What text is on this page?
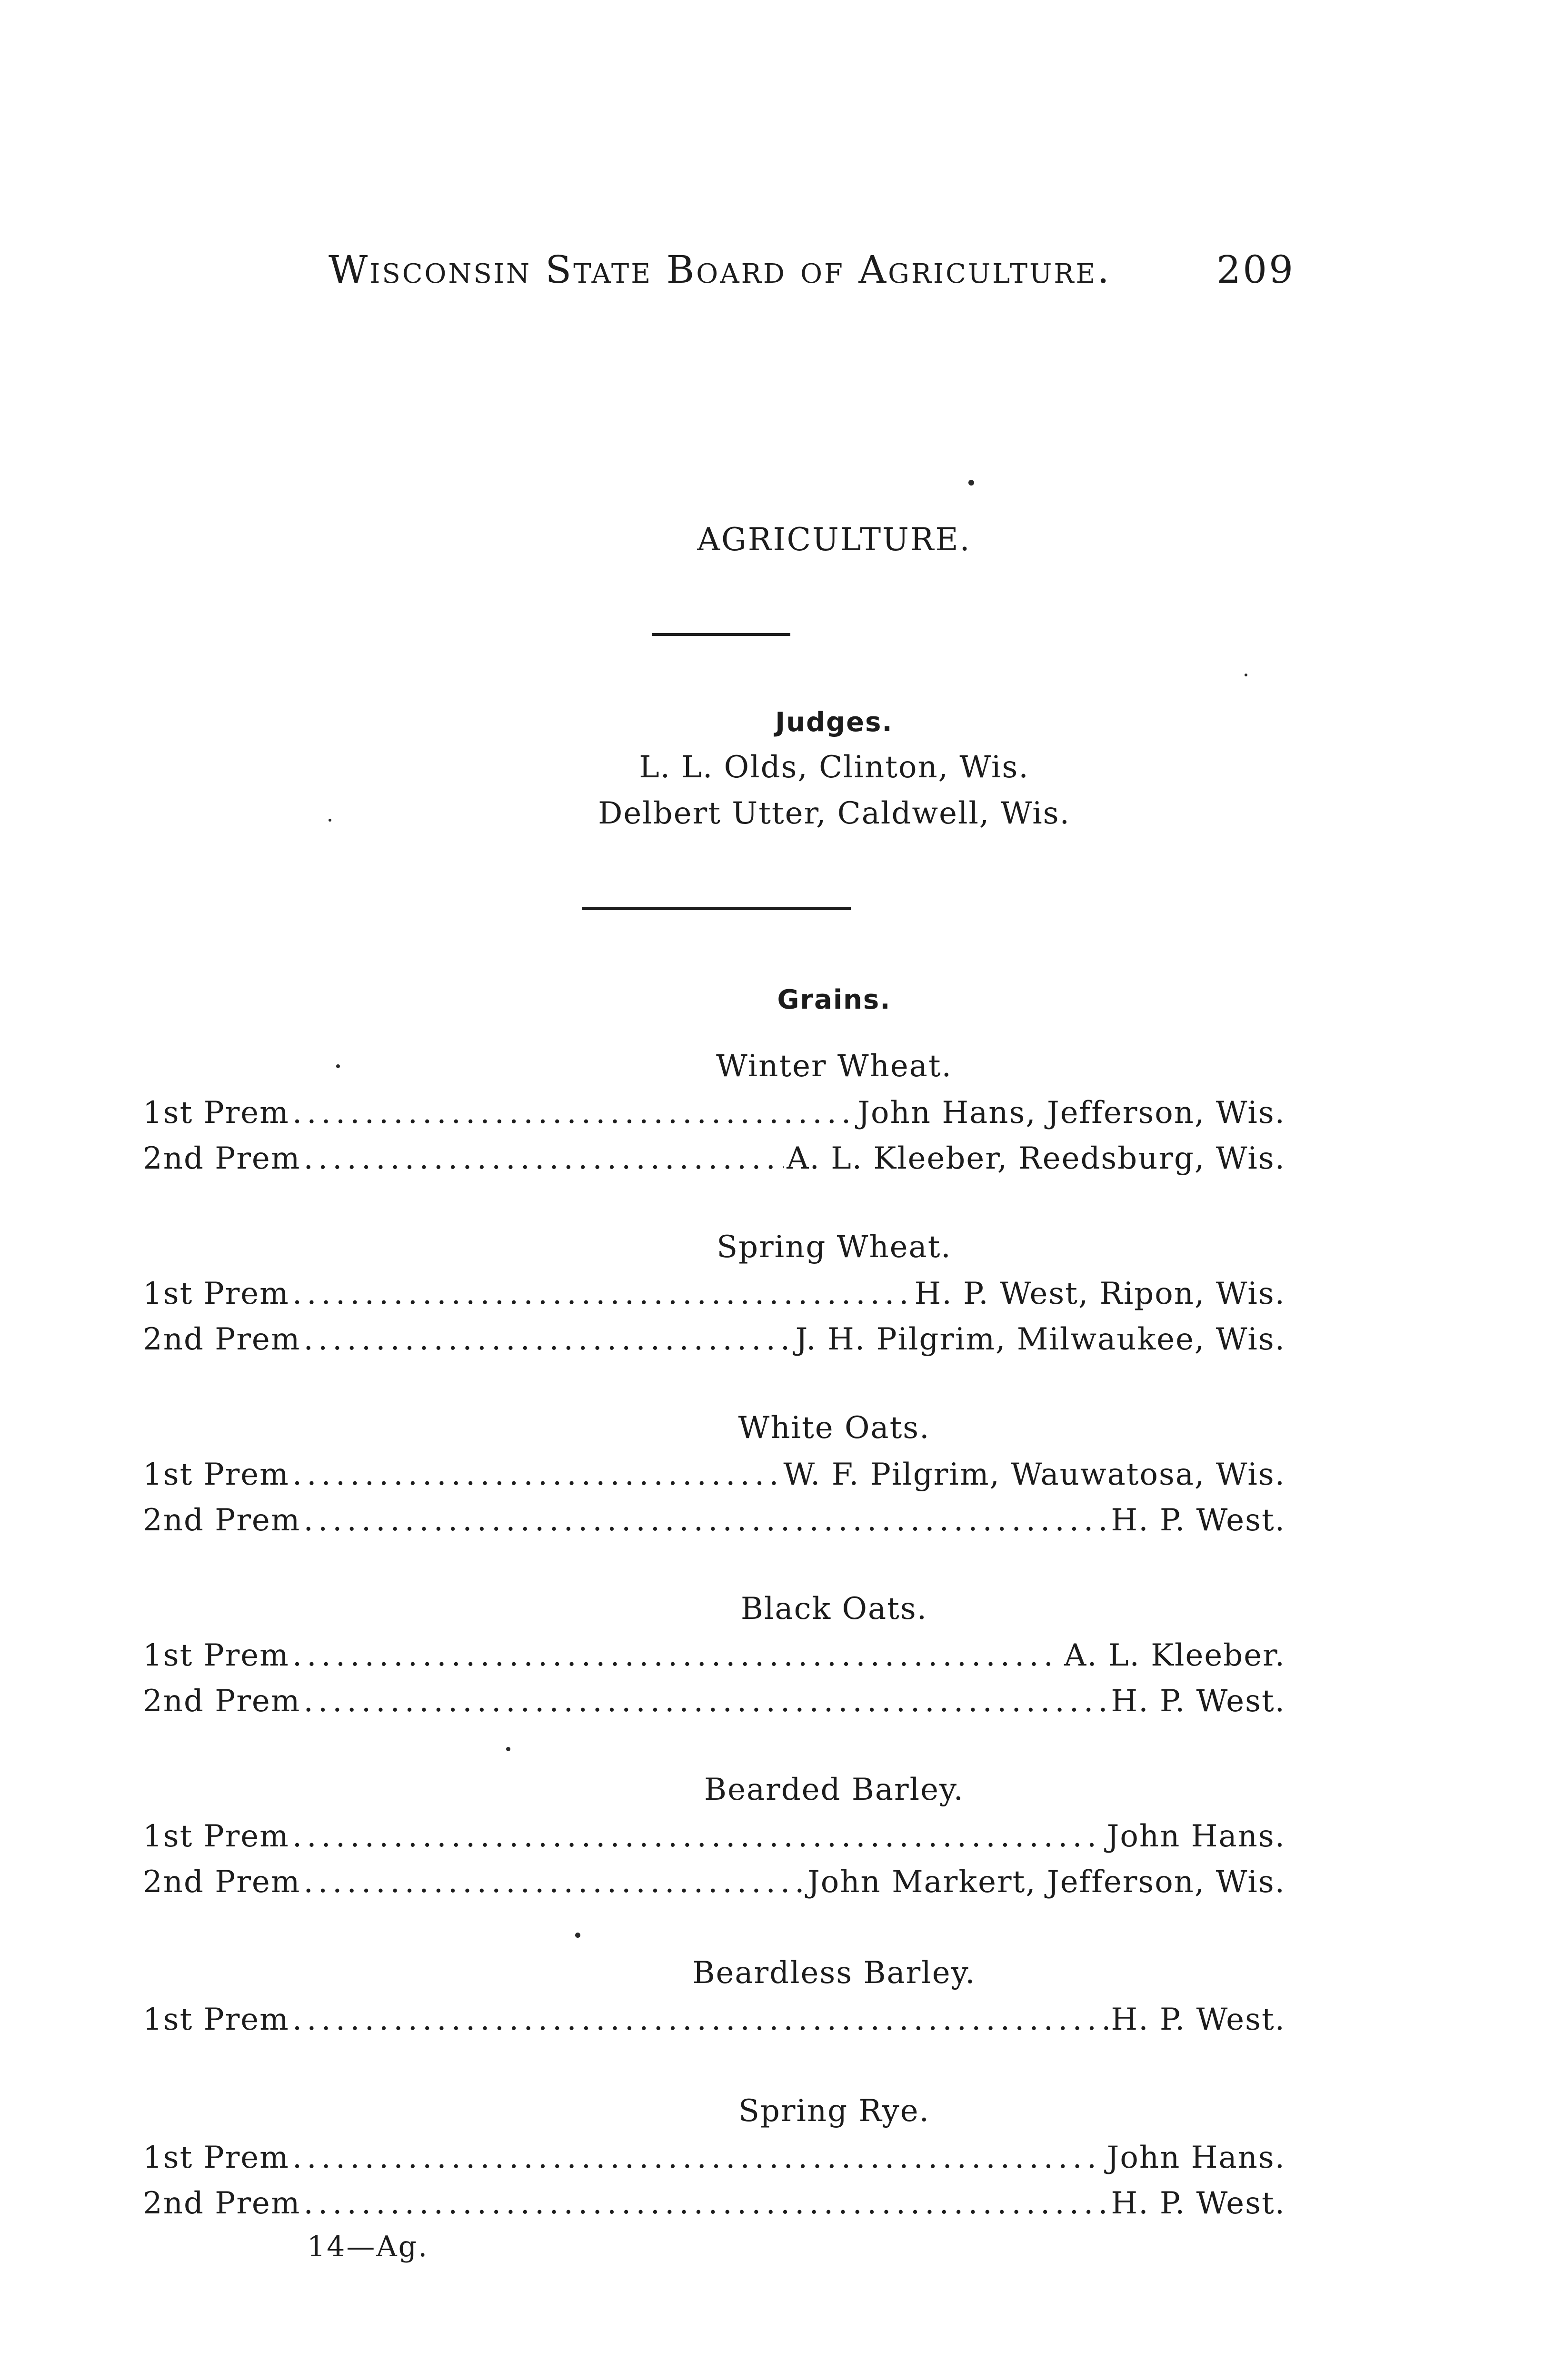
Wisconsin State Board of Agriculture.	209
AGRICULTURE.
Judges.
L. L. Olds, Clinton, Wis.
Delbert Utter, Caldwell, Wis.
Grains.
Winter Wheat.
1st Prem .....	John Hans, Jefferson, Wis.
2nd Prem .....	A. L. Kleeber, Reedsburg, Wis.
Spring Wheat.
1st Prem .....	H. P. West, Ripon, Wis.
2nd Prem .....	J. H. Pilgrim, Milwaukee, Wis.
White Oats.
1st Prem .....	W. F. Pilgrim, Wauwatosa, Wis.
2nd Prem .....	H. P. West.
Black Oats.
1st Prem .....	A. L. Kleeber.
2nd Prem .....	H. P. West.
Bearded Barley.
1st Prem .....	John Hans.
2nd Prem .....	John Markert, Jefferson, Wis.
Beardless Barley.
1st Prem .....	H. P. West.
Spring Rye.
1st Prem .....	John Hans.
2nd Prem .....	H. P. West.
14—Ag.
